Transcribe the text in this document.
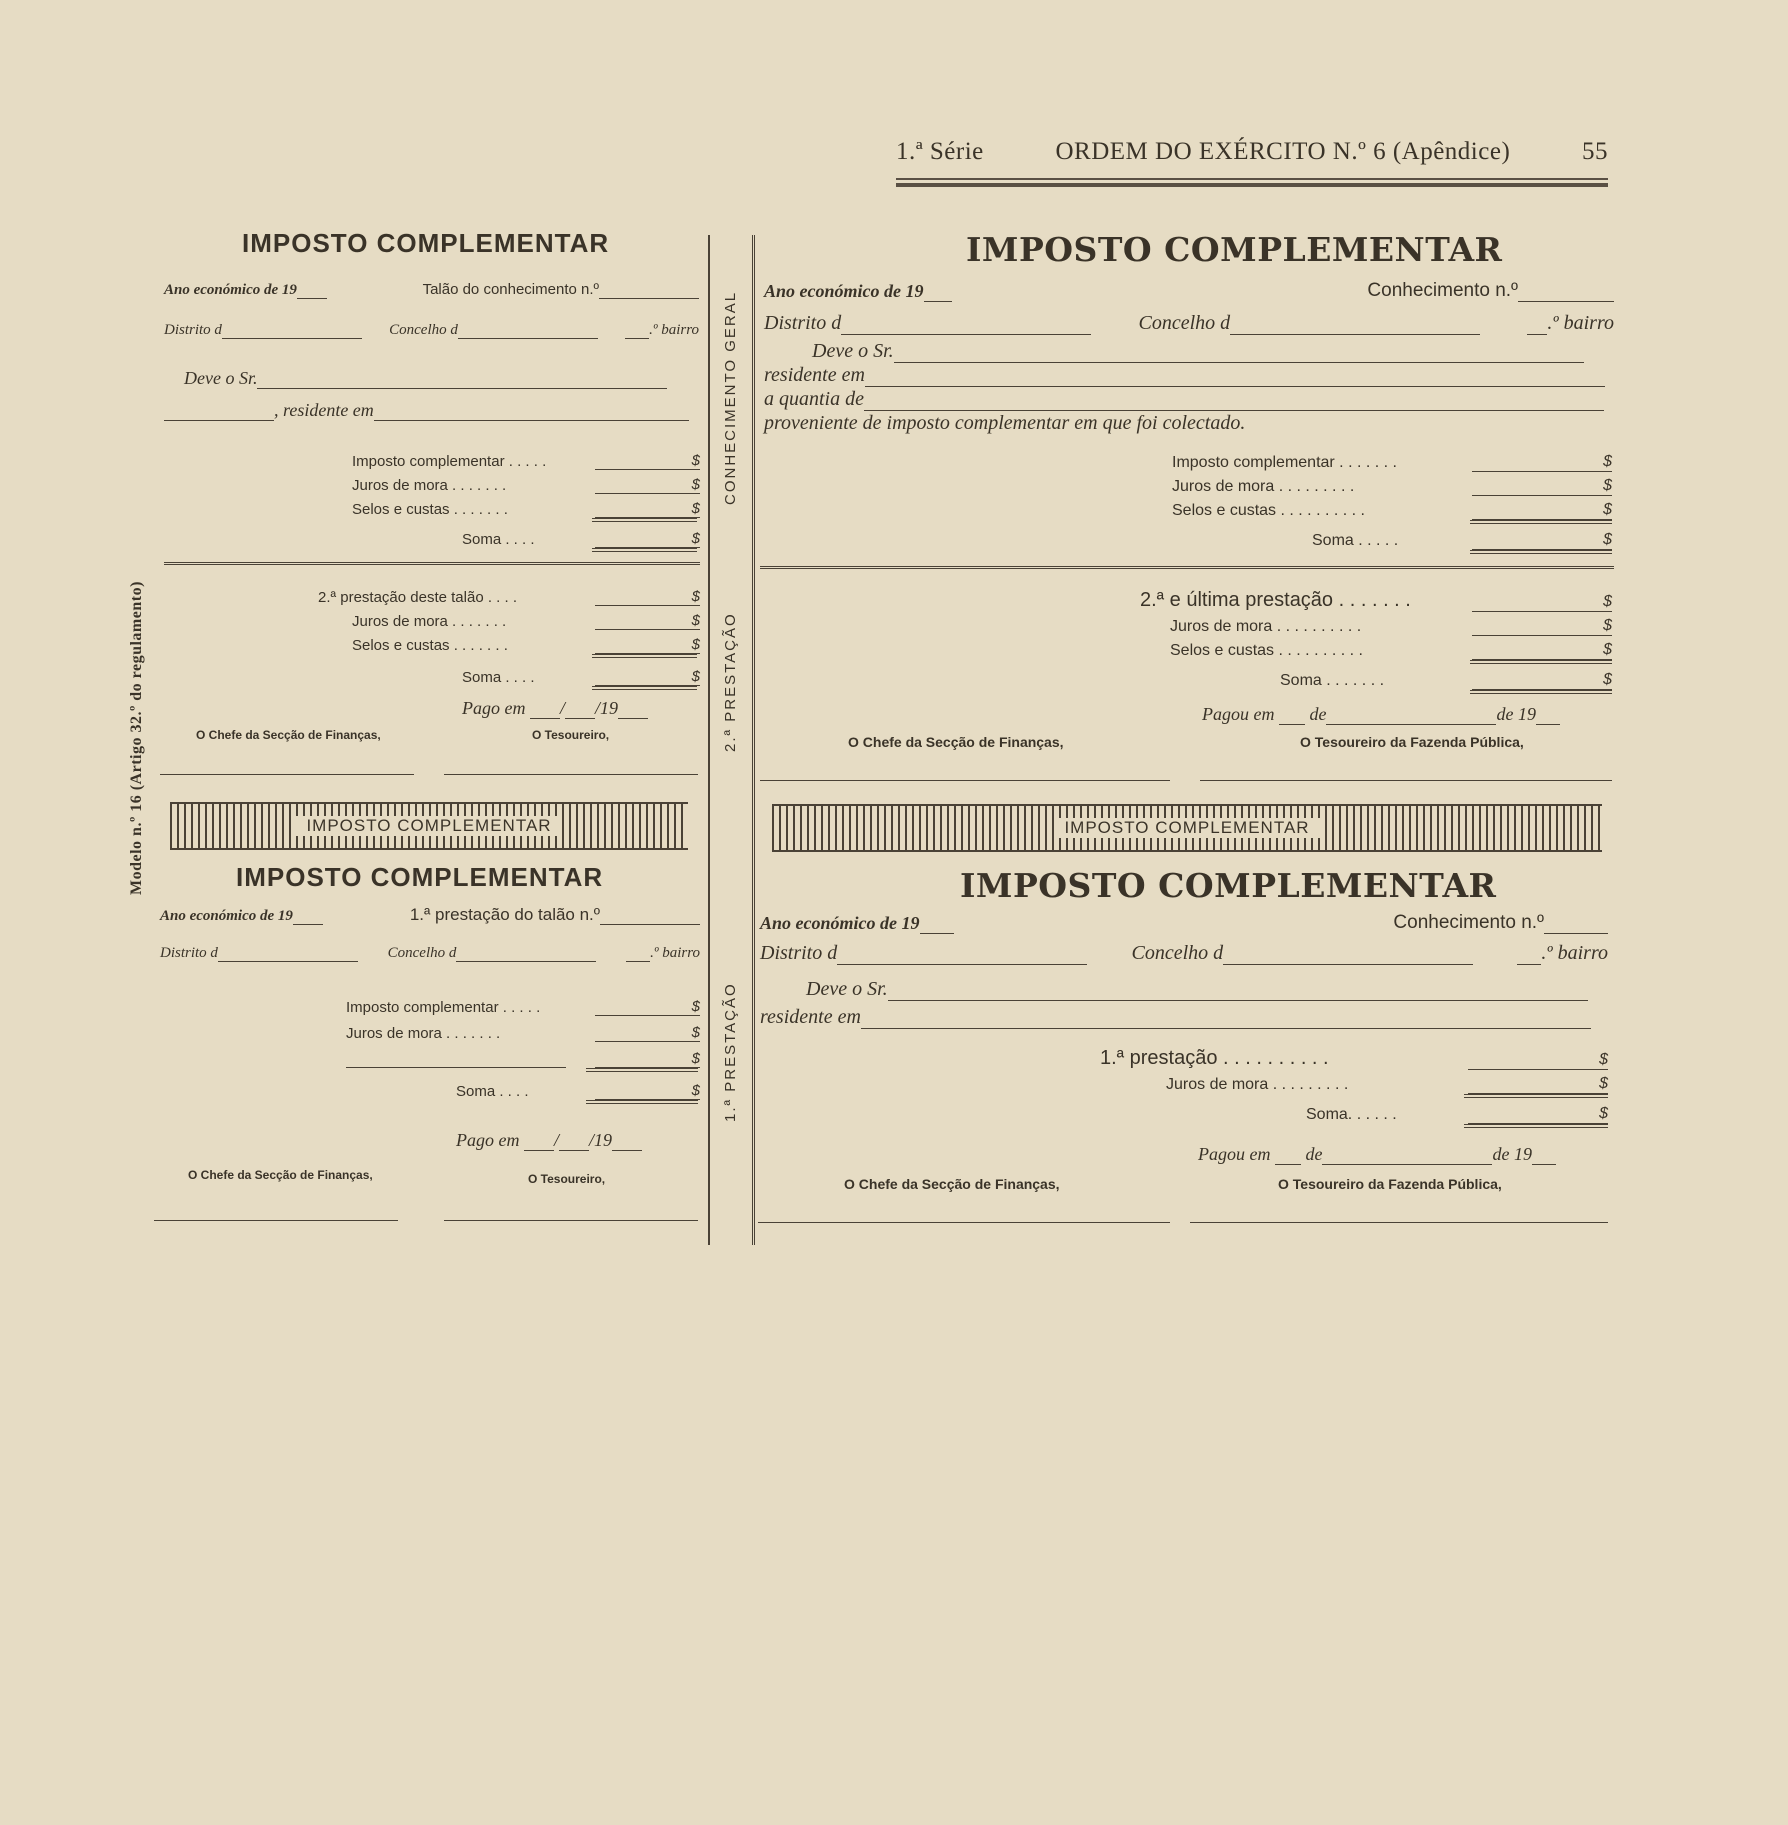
1.ª Série	ORDEM DO EXÉRCITO N.º 6 (Apêndice)	55
Modelo n.º 16 (Artigo 32.º do regulamento)
CONHECIMENTO GERAL
2.ª PRESTAÇÃO
1.ª PRESTAÇÃO
IMPOSTO COMPLEMENTAR
Ano económico de 19	Talão do conhecimento n.º
Distrito d	Concelho d	.º bairro
Deve o Sr.
, residente em
Imposto complementar . . . . .	$
Juros de mora . . . . . . .	$
Selos e custas . . . . . . .	$
Soma . . . .	$
2.ª prestação deste talão . . . .	$
Juros de mora . . . . . . .	$
Selos e custas . . . . . . .	$
Soma . . . .	$
Pago em / /19
O Chefe da Secção de Finanças,	O Tesoureiro,
IMPOSTO COMPLEMENTAR
IMPOSTO COMPLEMENTAR
Ano económico de 19	1.ª prestação do talão n.º
Distrito d	Concelho d	.º bairro
Imposto complementar . . . . .	$
Juros de mora . . . . . . .	$
$
Soma . . . .	$
Pago em / /19
O Chefe da Secção de Finanças,	O Tesoureiro,
IMPOSTO COMPLEMENTAR
Ano económico de 19	Conhecimento n.º
Distrito d	Concelho d	.º bairro
Deve o Sr.
residente em
a quantia de
proveniente de imposto complementar em que foi colectado.
Imposto complementar . . . . . . .	$
Juros de mora . . . . . . . . .	$
Selos e custas . . . . . . . . . .	$
Soma . . . . .	$
2.ª e última prestação . . . . . . .	$
Juros de mora . . . . . . . . . .	$
Selos e custas . . . . . . . . . .	$
Soma . . . . . . .	$
Pagou em de	de 19
O Chefe da Secção de Finanças,	O Tesoureiro da Fazenda Pública,
IMPOSTO COMPLEMENTAR
IMPOSTO COMPLEMENTAR
Ano económico de 19	Conhecimento n.º
Distrito d	Concelho d	.º bairro
Deve o Sr.
residente em
1.ª prestação . . . . . . . . . .	$
Juros de mora . . . . . . . . .	$
Soma. . . . . .	$
Pagou em de	de 19
O Chefe da Secção de Finanças,	O Tesoureiro da Fazenda Pública,
